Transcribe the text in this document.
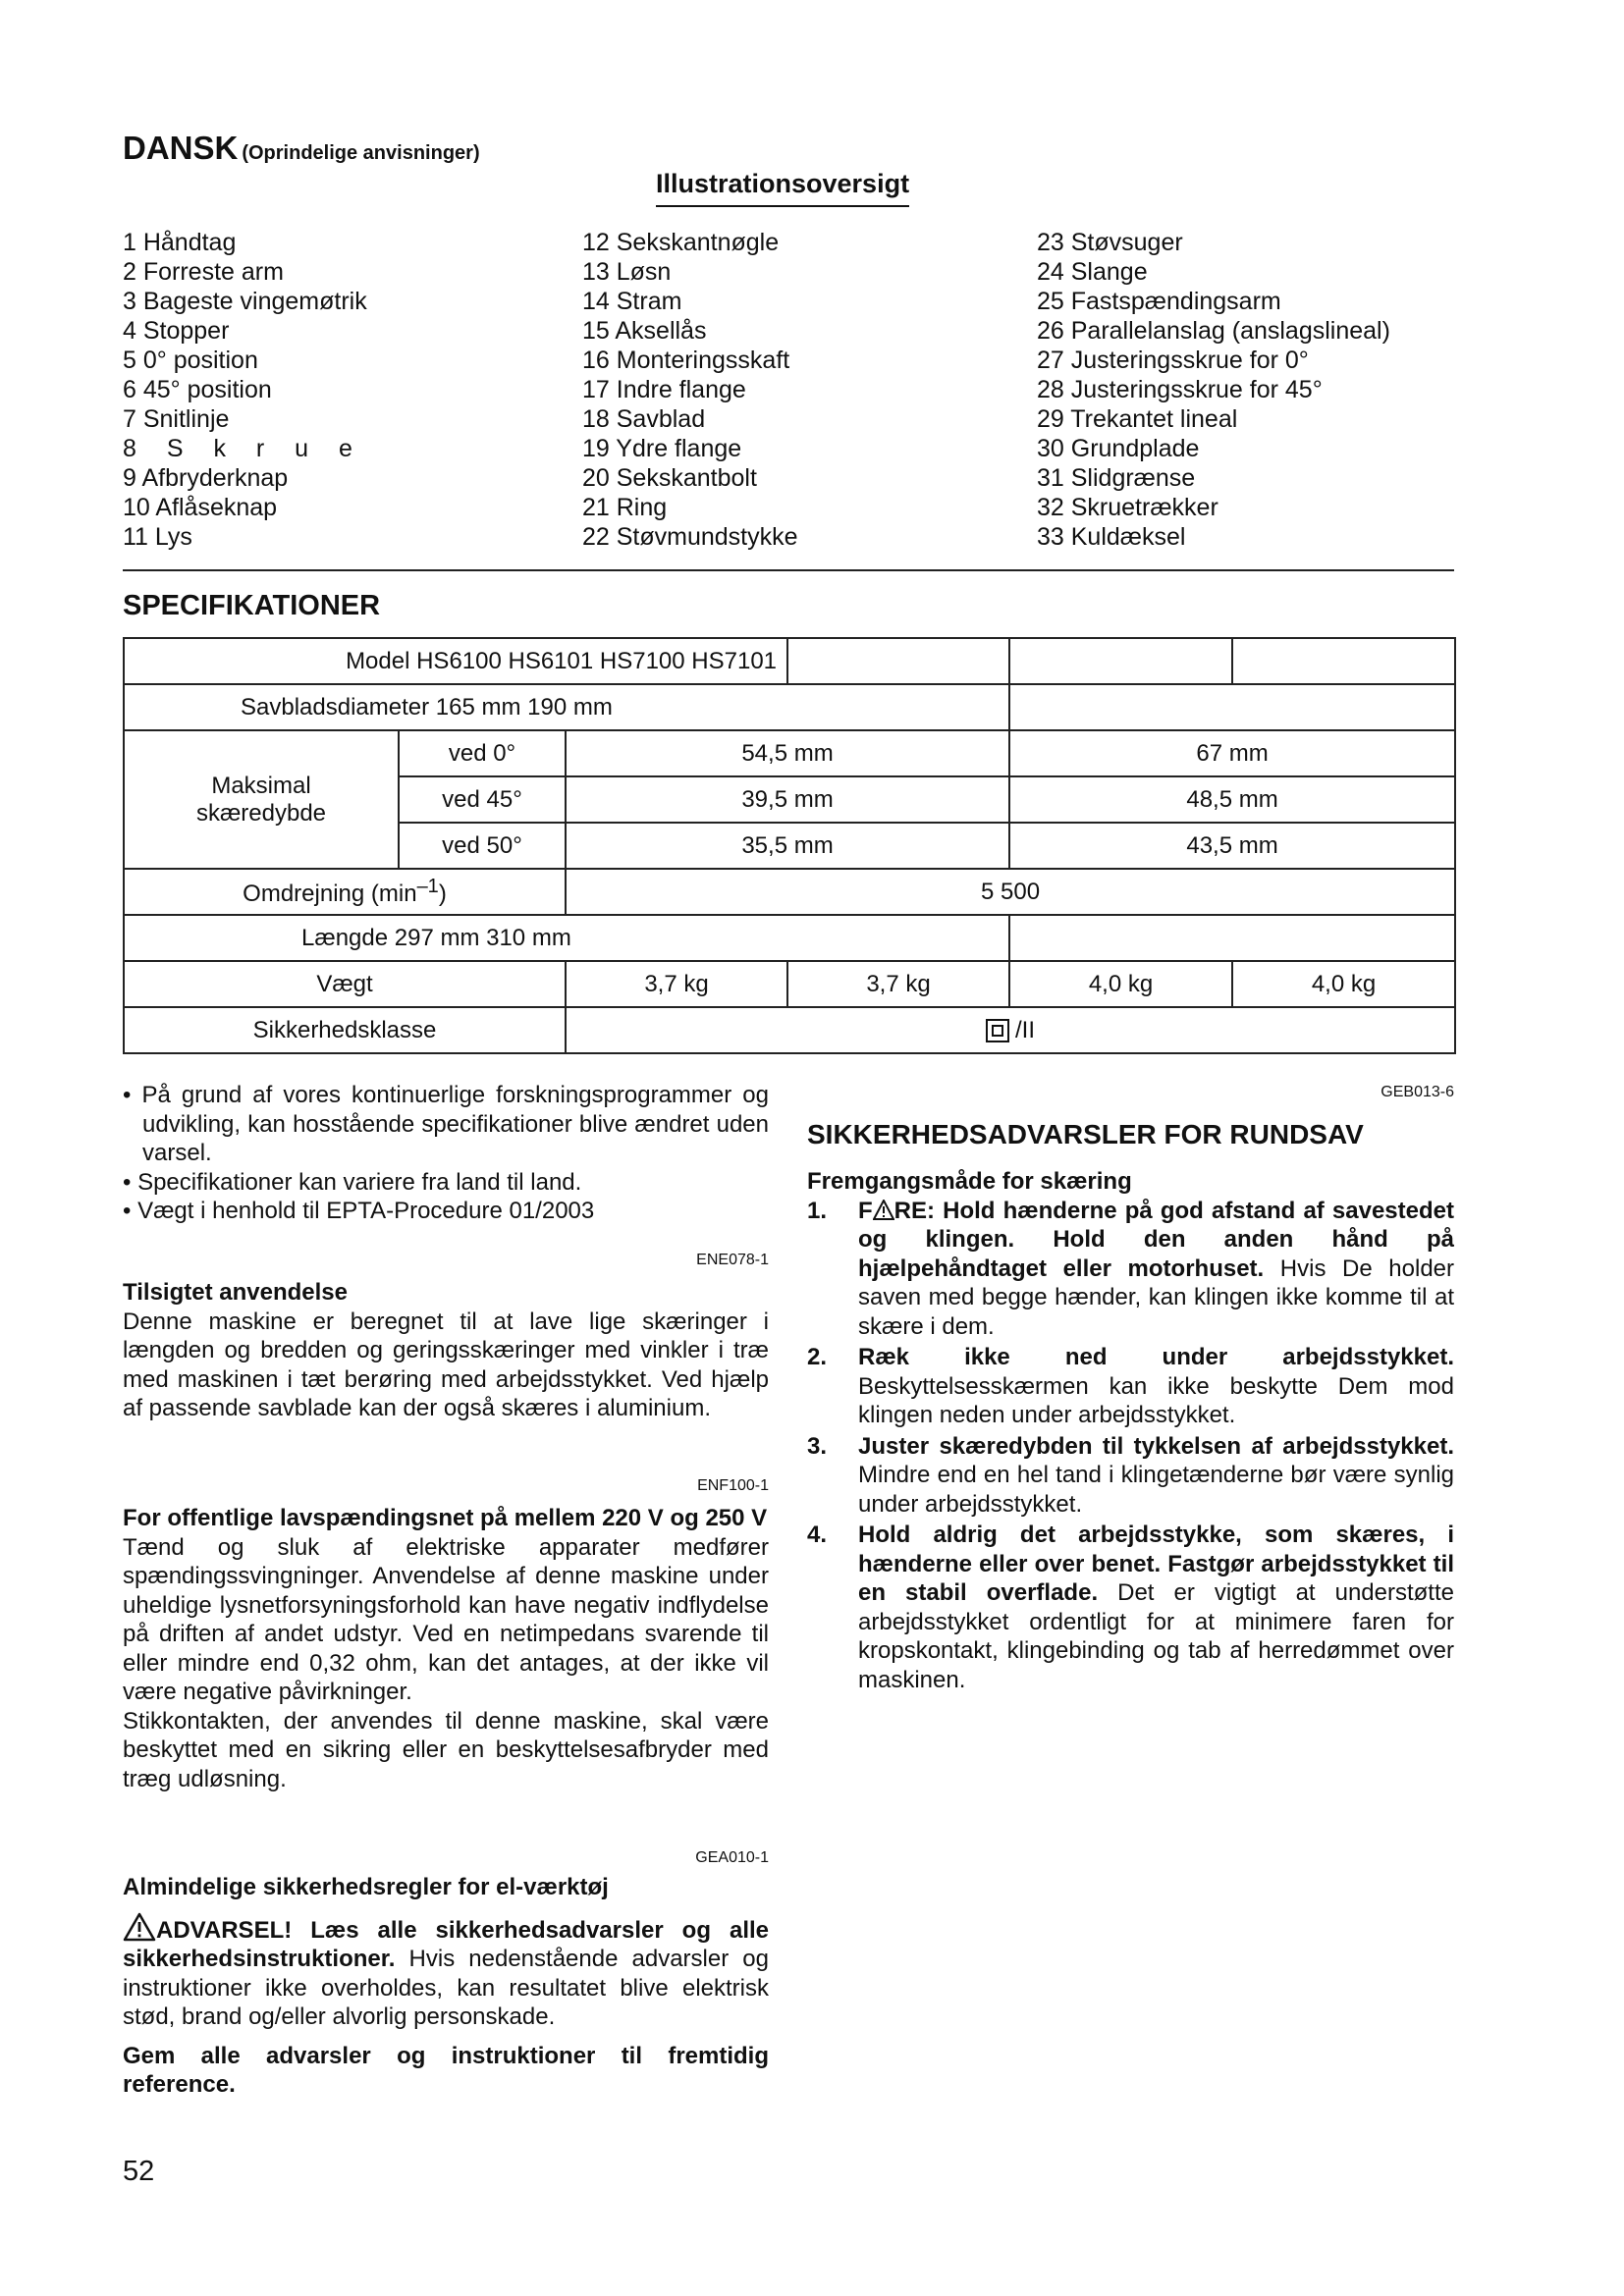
DANSK (Oprindelige anvisninger)
Illustrationsoversigt
1 Håndtag
2 Forreste arm
3 Bageste vingemøtrik
4 Stopper
5 0° position
6 45° position
7 Snitlinje
8 S k r u e
9 Afbryderknap
10 Aflåseknap
11 Lys
12 Sekskantnøgle
13 Løsn
14 Stram
15 Aksellås
16 Monteringsskaft
17 Indre flange
18 Savblad
19 Ydre flange
20 Sekskantbolt
21 Ring
22 Støvmundstykke
23 Støvsuger
24 Slange
25 Fastspændingsarm
26 Parallelanslag (anslagslineal)
27 Justeringsskrue for 0°
28 Justeringsskrue for 45°
29 Trekantet lineal
30 Grundplade
31 Slidgrænse
32 Skruetrækker
33 Kuldæksel
SPECIFIKATIONER
Model HS6100 HS6101 HS7100 HS7101					
Savbladsdiameter 165 mm 190 mm					
Maksimal skæredybde	ved 0°	54,5 mm		67 mm	
	ved 45°	39,5 mm		48,5 mm	
	ved 50°	35,5 mm		43,5 mm	
Omdrejning $(\min^{-1})$		5 500			
Længde 297 mm 310 mm					
Vægt		3,7 kg	3,7 kg	4,0 kg	4,0 kg
Sikkerhedsklasse		/II			
• På grund af vores kontinuerlige forskningsprogrammer og udvikling, kan hosstående specifikationer blive ændret uden varsel.
• Specifikationer kan variere fra land til land.
• Vægt i henhold til EPTA-Procedure 01/2003
ENE078-1
Tilsigtet anvendelse
Denne maskine er beregnet til at lave lige skæringer i længden og bredden og geringsskæringer med vinkler i træ med maskinen i tæt berøring med arbejdsstykket. Ved hjælp af passende savblade kan der også skæres i aluminium.
ENF100-1
For offentlige lavspændingsnet på mellem 220 V og 250 V
Tænd og sluk af elektriske apparater medfører spændingssvingninger. Anvendelse af denne maskine under uheldige lysnetforsyningsforhold kan have negativ indflydelse på driften af andet udstyr. Ved en netimpedans svarende til eller mindre end 0,32 ohm, kan det antages, at der ikke vil være negative påvirkninger.
Stikkontakten, der anvendes til denne maskine, skal være beskyttet med en sikring eller en beskyttelsesafbryder med træg udløsning.
GEA010-1
Almindelige sikkerhedsregler for el-værktøj
ADVARSEL! Læs alle sikkerhedsadvarsler og alle sikkerhedsinstruktioner. Hvis nedenstående advarsler og instruktioner ikke overholdes, kan resultatet blive elektrisk stød, brand og/eller alvorlig personskade.
Gem alle advarsler og instruktioner til fremtidig reference.
GEB013-6
SIKKERHEDSADVARSLER FOR RUNDSAV
Fremgangsmåde for skæring
1. F RE: Hold hænderne på god afstand af savestedet og klingen. Hold den anden hånd på hjælpehåndtaget eller motorhuset. Hvis De holder saven med begge hænder, kan klingen ikke komme til at skære i dem.
2. Ræk ikke ned under arbejdsstykket. Beskyttelsesskærmen kan ikke beskytte Dem mod klingen neden under arbejdsstykket.
3. Juster skæredybden til tykkelsen af arbejdsstykket. Mindre end en hel tand i klingetænderne bør være synlig under arbejdsstykket.
4. Hold aldrig det arbejdsstykke, som skæres, i hænderne eller over benet. Fastgør arbejdsstykket til en stabil overflade. Det er vigtigt at understøtte arbejdsstykket ordentligt for at minimere faren for kropskontakt, klingebinding og tab af herredømmet over maskinen.
52
